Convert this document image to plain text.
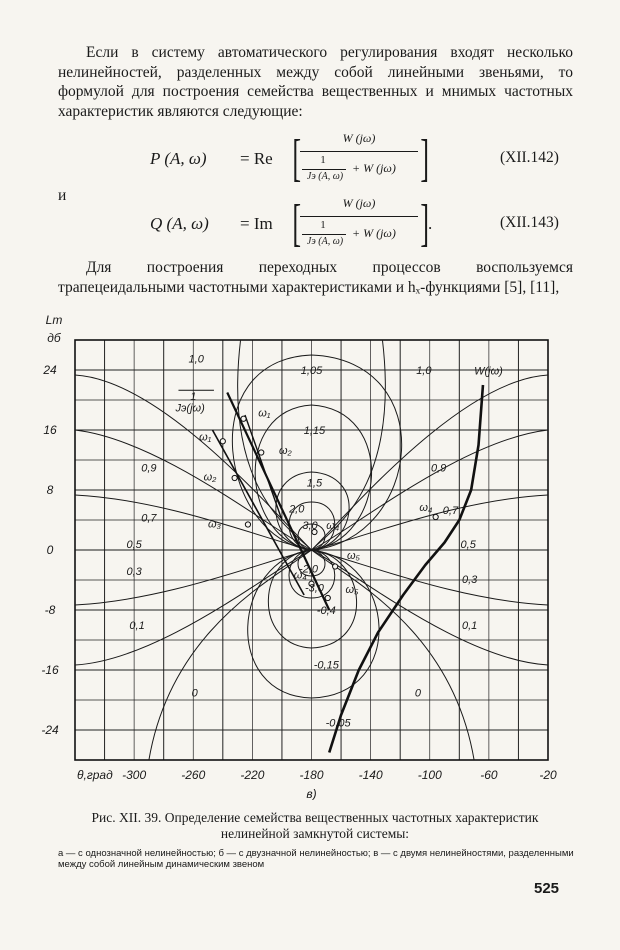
Если в систему автоматического регулирования входят несколько нелинейностей, разделенных между собой линейными звеньями, то формулой для построения семейства вещественных и мнимых частотных характеристик являются следующие:
P (A, ω) = Re [	W (jω)
1
Jэ (A, ω)
+ W (jω) ]	(XII.142)
и
Q (A, ω) = Im [	W (jω)
1
Jэ (A, ω)
+ W (jω) ] .	(XII.143)
Для построения переходных процессов воспользуемся трапецеидальными частотными характеристиками и hₓ-функциями [5], [11],
-300	-260	-220	-180	-140	-100	-60	-20
24
16
8
0
-8
-16
-24
Lm
дб
θ,град
в)
1,0
1,05	1,0
0,9
1,15
0,9
0,7
1,5
0,7
0,5
2,0
0,5
0,3
3,0
0,3
0,1
-3,0
0,1
-2,0
-0,4
0
-0,15
0
-0,05
W(jω)
1
Jэ(jω)	ω₁
ω₁
ω₂
ω₂
ω₃
ω₄
ω₄
ω₅
ω₅
ω₄
Рис. XII. 39. Определение семейства вещественных частотных характеристик нелинейной замкнутой системы:
а — с однозначной нелинейностью; б — с двузначной нелинейностью; в — с двумя нелинейностями, разделенными между собой линейным динамическим звеном
525
